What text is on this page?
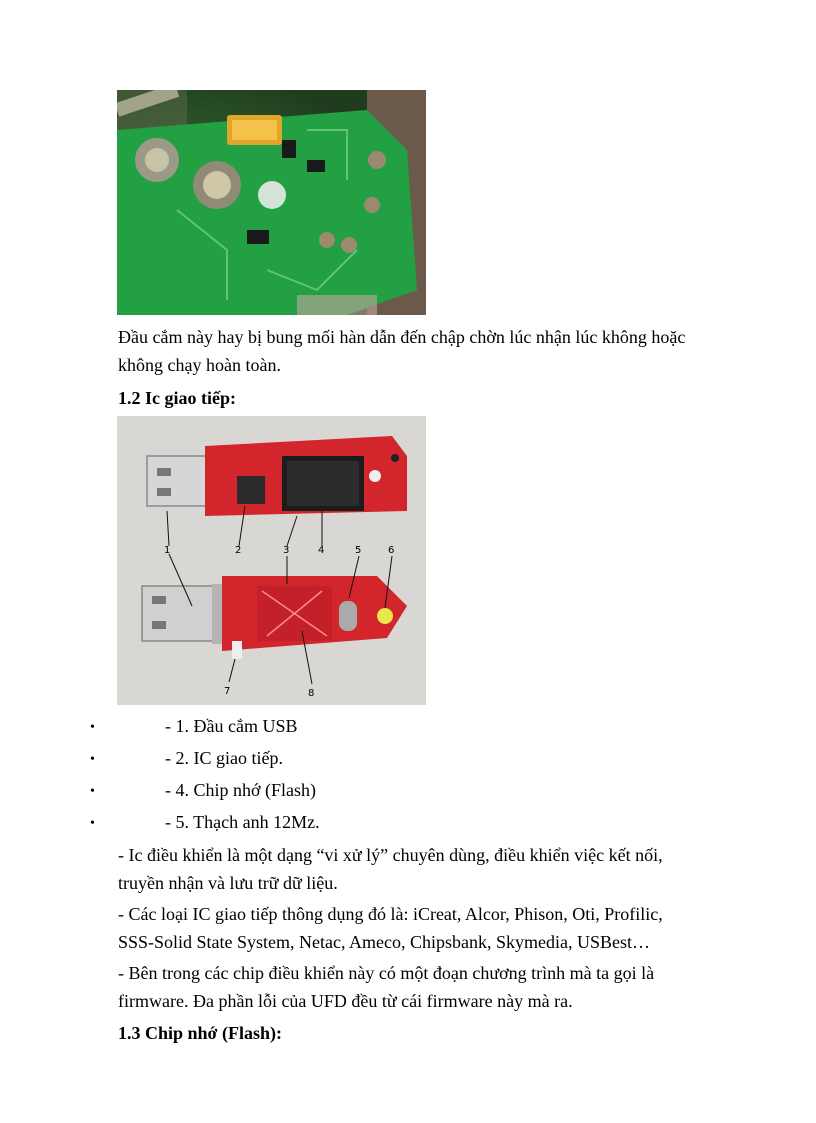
Đầu cắm này hay bị bung mối hàn dẫn đến chập chờn lúc nhận lúc không hoặc
không chạy hoàn toàn.
1.2 Ic giao tiếp:
1	2	3	4	5	6
7	8
•	- 1. Đầu cắm USB
•	- 2. IC giao tiếp.
•	- 4. Chip nhớ (Flash)
•	- 5. Thạch anh 12Mz.
- Ic điều khiển là một dạng “vi xử lý” chuyên dùng, điều khiển việc kết nối,
truyền nhận và lưu trữ dữ liệu.
- Các loại IC giao tiếp thông dụng đó là: iCreat, Alcor, Phison, Oti, Profilic,
SSS-Solid State System, Netac, Ameco, Chipsbank, Skymedia, USBest…
- Bên trong các chip điều khiển này có một đoạn chương trình mà ta gọi là
firmware. Đa phần lỗi của UFD đều từ cái firmware này mà ra.
1.3 Chip nhớ (Flash):
